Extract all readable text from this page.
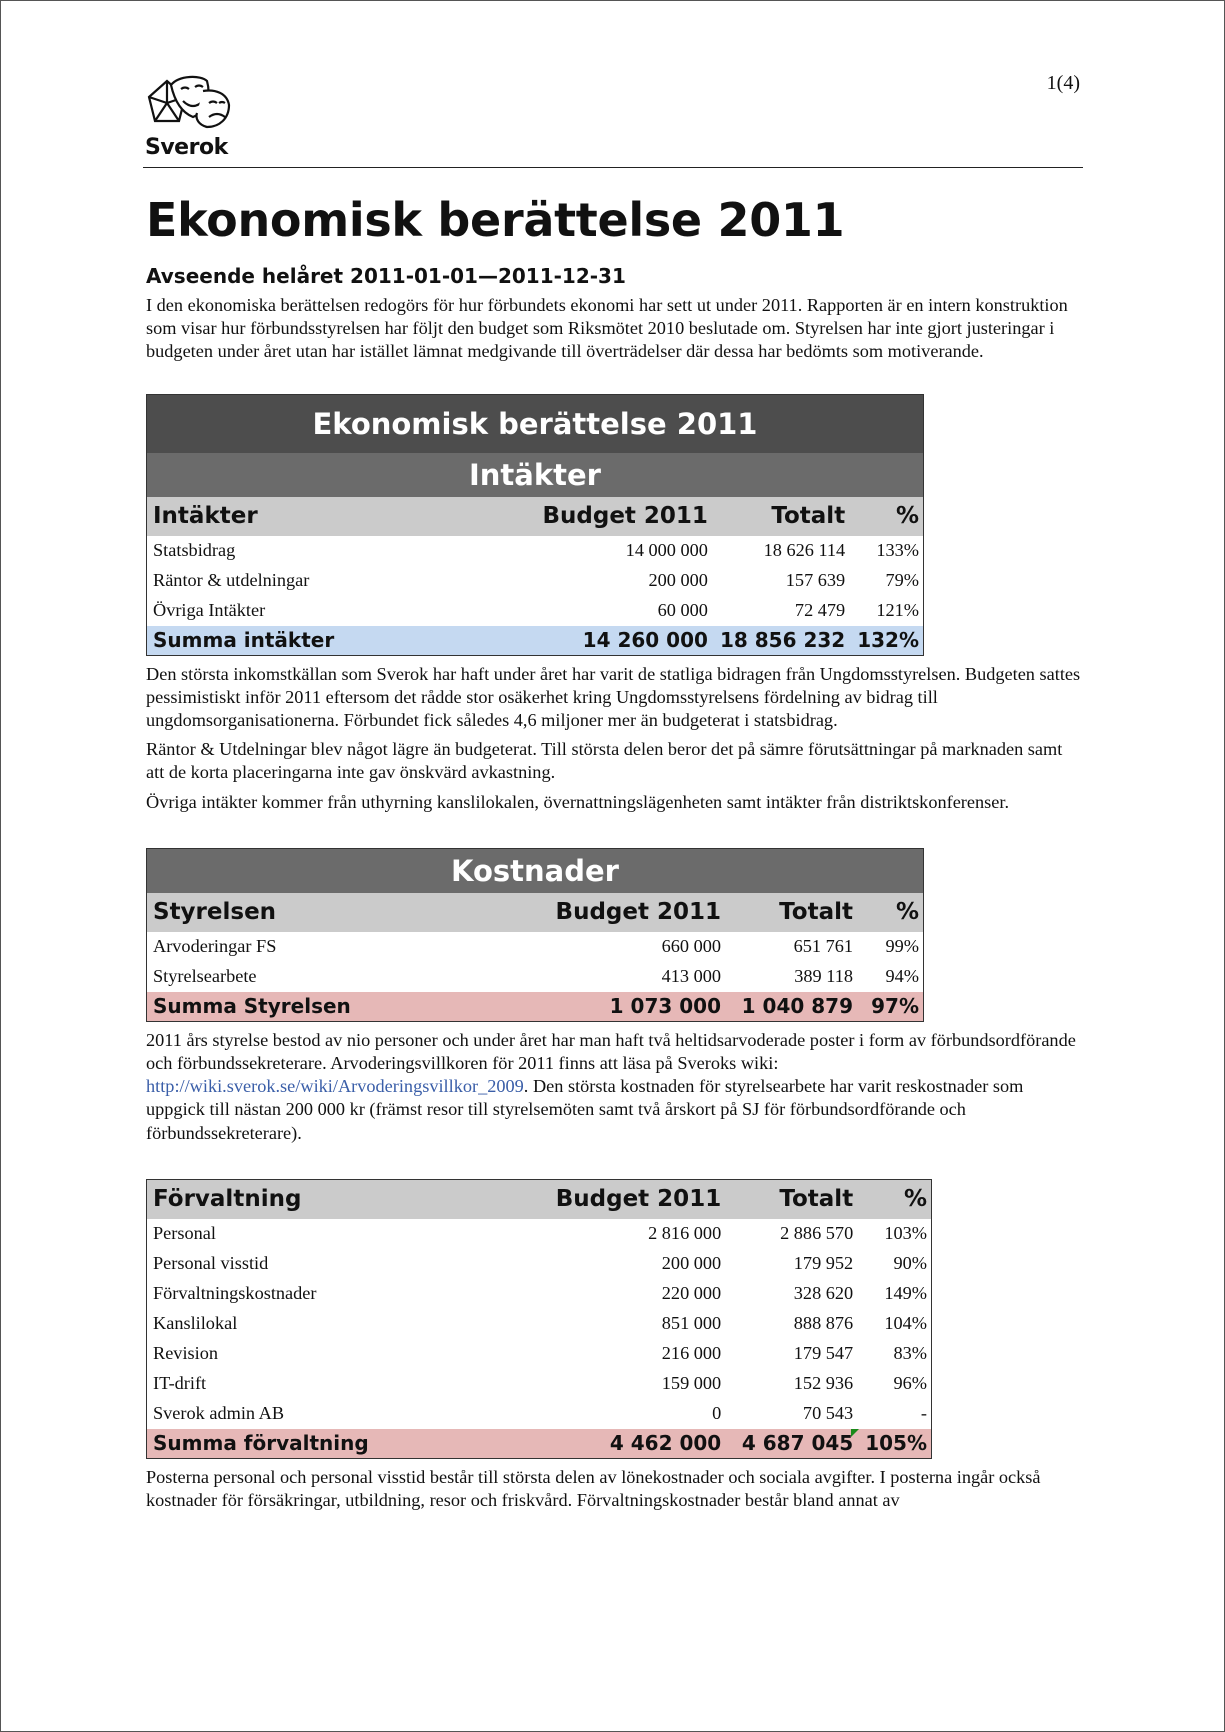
1(4)
Sverok
Ekonomisk berättelse 2011
Avseende helåret 2011-01-01—2011-12-31

I den ekonomiska berättelsen redogörs för hur förbundets ekonomi har sett ut under 2011. Rapporten är en intern konstruktion som visar hur förbundsstyrelsen har följt den budget som Riksmötet 2010 beslutade om. Styrelsen har inte gjort justeringar i budgeten under året utan har istället lämnat medgivande till överträdelser där dessa har bedömts som motiverande.

Ekonomisk berättelse 2011			
Intäkter			
Intäkter	Budget 2011	Totalt	%
Statsbidrag	14 000 000	18 626 114	133%
Räntor & utdelningar	200 000	157 639	79%
Övriga Intäkter	60 000	72 479	121%
Summa intäkter	14 260 000	18 856 232	132%

Den största inkomstkällan som Sverok har haft under året har varit de statliga bidragen från Ungdomsstyrelsen. Budgeten sattes pessimistiskt inför 2011 eftersom det rådde stor osäkerhet kring Ungdomsstyrelsens fördelning av bidrag till ungdomsorganisationerna. Förbundet fick således 4,6 miljoner mer än budgeterat i statsbidrag.

Räntor & Utdelningar blev något lägre än budgeterat. Till största delen beror det på sämre förutsättningar på marknaden samt att de korta placeringarna inte gav önskvärd avkastning.

Övriga intäkter kommer från uthyrning kanslilokalen, övernattningslägenheten samt intäkter från distriktskonferenser.

Kostnader			
Styrelsen	Budget 2011	Totalt	%
Arvoderingar FS	660 000	651 761	99%
Styrelsearbete	413 000	389 118	94%
Summa Styrelsen	1 073 000	1 040 879	97%

2011 års styrelse bestod av nio personer och under året har man haft två heltidsarvoderade poster i form av förbundsordförande och förbundssekreterare. Arvoderingsvillkoren för 2011 finns att läsa på Sveroks wiki: http://wiki.sverok.se/wiki/Arvoderingsvillkor_2009. Den största kostnaden för styrelsearbete har varit reskostnader som uppgick till nästan 200 000 kr (främst resor till styrelsemöten samt två årskort på SJ för förbundsordförande och förbundssekreterare).

Förvaltning	Budget 2011	Totalt	%
Personal	2 816 000	2 886 570	103%
Personal visstid	200 000	179 952	90%
Förvaltningskostnader	220 000	328 620	149%
Kanslilokal	851 000	888 876	104%
Revision	216 000	179 547	83%
IT-drift	159 000	152 936	96%
Sverok admin AB	0	70 543	-
Summa förvaltning	4 462 000	4 687 045	105%

Posterna personal och personal visstid består till största delen av lönekostnader och sociala avgifter. I posterna ingår också kostnader för försäkringar, utbildning, resor och friskvård. Förvaltningskostnader består bland annat av
